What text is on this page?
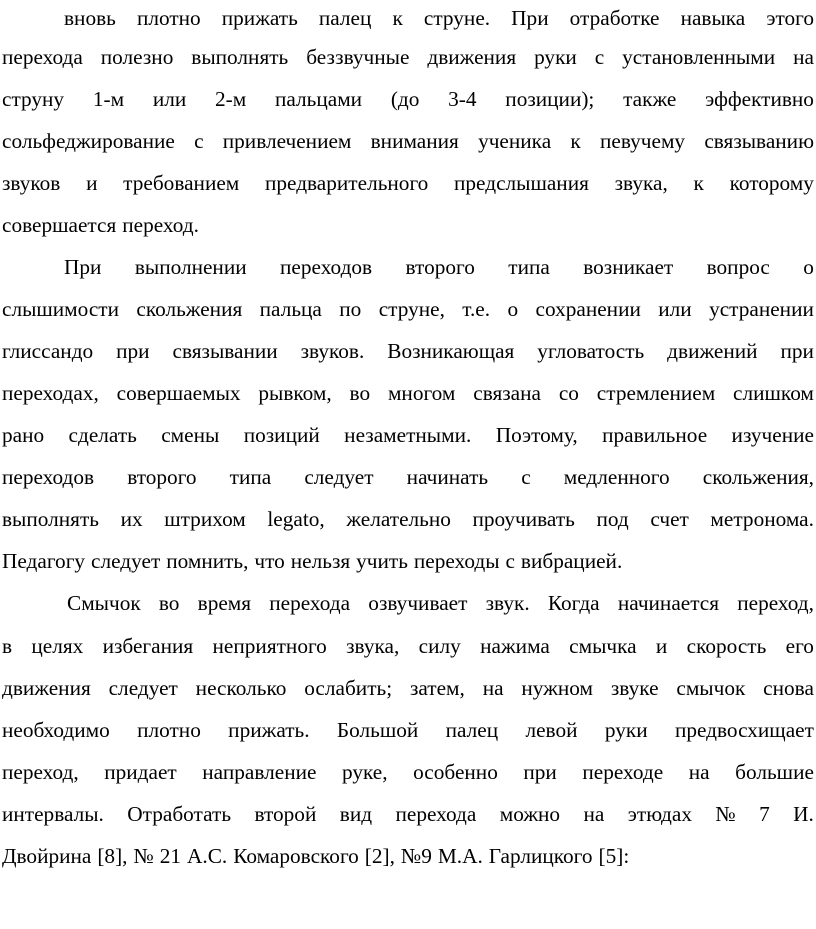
вновь плотно прижать палец к струне. При отработке навыка этого
перехода полезно выполнять беззвучные движения руки с установленными на
струну 1-м или 2-м пальцами (до 3-4 позиции); также эффективно
сольфеджирование с привлечением внимания ученика к певучему связыванию
звуков и требованием предварительного предслышания звука, к которому
совершается переход.
При выполнении переходов второго типа возникает вопрос о
слышимости скольжения пальца по струне, т.е. о сохранении или устранении
глиссандо при связывании звуков. Возникающая угловатость движений при
переходах, совершаемых рывком, во многом связана со стремлением слишком
рано сделать смены позиций незаметными. Поэтому, правильное изучение
переходов второго типа следует начинать с медленного скольжения,
выполнять их штрихом legato, желательно проучивать под счет метронома.
Педагогу следует помнить, что нельзя учить переходы с вибрацией.
Смычок во время перехода озвучивает звук. Когда начинается переход,
в целях избегания неприятного звука, силу нажима смычка и скорость его
движения следует несколько ослабить; затем, на нужном звуке смычок снова
необходимо плотно прижать. Большой палец левой руки предвосхищает
переход, придает направление руке, особенно при переходе на большие
интервалы. Отработать второй вид перехода можно на этюдах № 7 И.
Двойрина [8], № 21 А.С. Комаровского [2], №9 М.А. Гарлицкого [5]:
